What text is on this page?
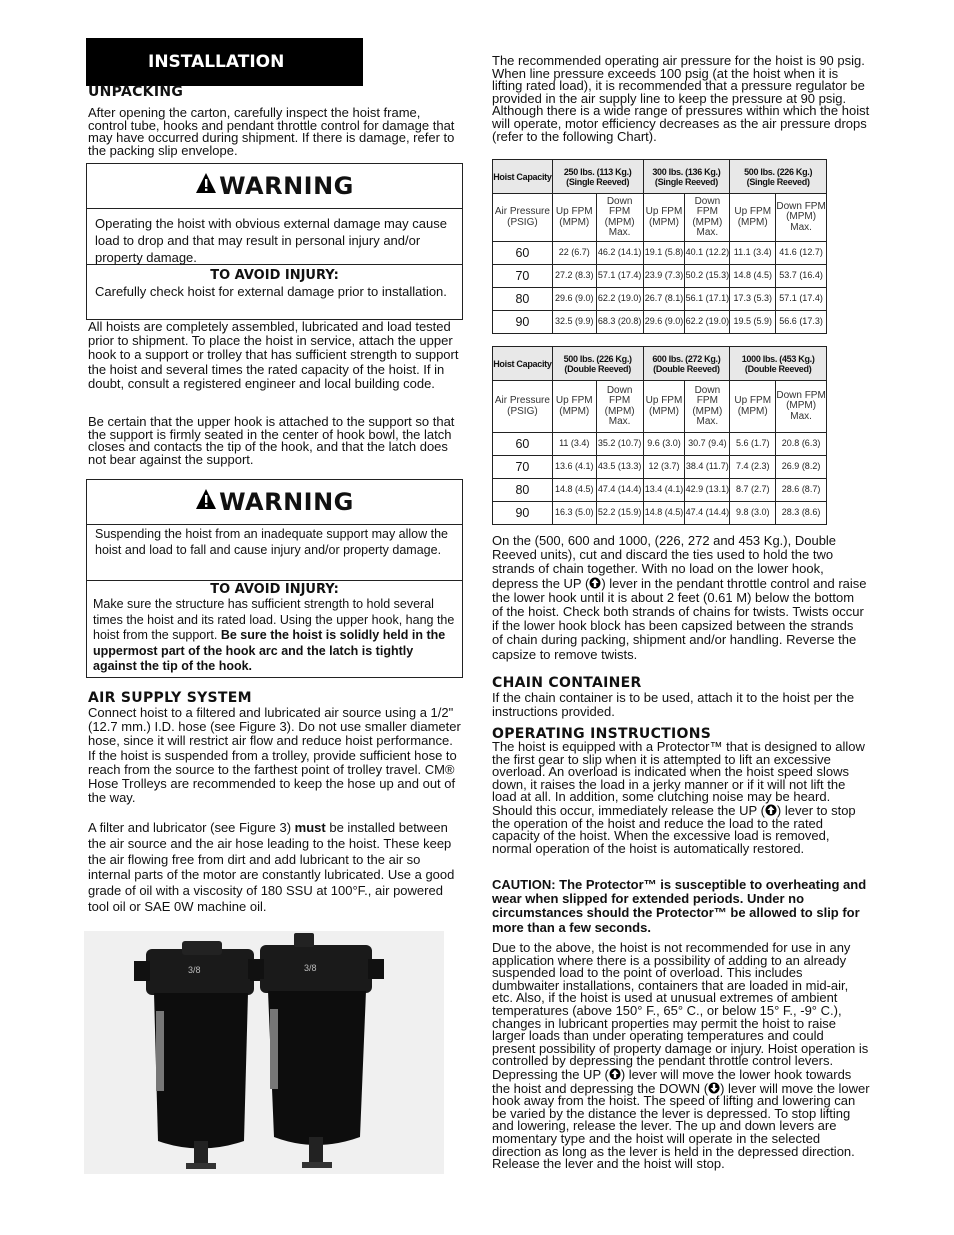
INSTALLATION
UNPACKING

After opening the carton, carefully inspect the hoist frame, control tube, hooks and pendant throttle control for damage that may have occurred during shipment. If there is damage, refer to the packing slip envelope.

WARNING
Operating the hoist with obvious external damage may cause load to drop and that may result in personal injury and/or property damage.
TO AVOID INJURY:
Carefully check hoist for external damage prior to installation.

All hoists are completely assembled, lubricated and load tested prior to shipment. To place the hoist in service, attach the upper hook to a support or trolley that has sufficient strength to support the hoist and several times the rated capacity of the hoist. If in doubt, consult a registered engineer and local building code.

Be certain that the upper hook is attached to the support so that the support is firmly seated in the center of hook bowl, the latch closes and contacts the tip of the hook, and that the latch does not bear against the support.

WARNING
Suspending the hoist from an inadequate support may allow the hoist and load to fall and cause injury and/or property damage.
TO AVOID INJURY:
Make sure the structure has sufficient strength to hold several times the hoist and its rated load. Using the upper hook, hang the hoist from the support. Be sure the hoist is solidly held in the uppermost part of the hook arc and the latch is tightly against the tip of the hook.
AIR SUPPLY SYSTEM

Connect hoist to a filtered and lubricated air source using a 1/2" (12.7 mm.) I.D. hose (see Figure 3). Do not use smaller diameter hose, since it will restrict air flow and reduce hoist performance. If the hoist is suspended from a trolley, provide sufficient hose to reach from the source to the farthest point of trolley travel. CM® Hose Trolleys are recommended to keep the hose up and out of the way.

A filter and lubricator (see Figure 3) must be installed between the air source and the air hose leading to the hoist. These keep the air flowing free from dirt and add lubricant to the air so internal parts of the motor are constantly lubricated. Use a good grade of oil with a viscosity of 180 SSU at 100°F., air powered tool oil or SAE 0W machine oil.

3/8	3/8

The recommended operating air pressure for the hoist is 90 psig. When line pressure exceeds 100 psig (at the hoist when it is lifting rated load), it is recommended that a pressure regulator be provided in the air supply line to keep the pressure at 90 psig. Although there is a wide range of pressures within which the hoist will operate, motor efficiency decreases as the air pressure drops (refer to the following Chart).

Hoist Capacity	250 lbs. (113 Kg.) (Single Reeved)		300 lbs. (136 Kg.) (Single Reeved)		500 lbs. (226 Kg.) (Single Reeved)	
Air Pressure (PSIG)	Up FPM (MPM)	Down FPM (MPM) Max.	Up FPM (MPM)	Down FPM (MPM) Max.	Up FPM (MPM)	Down FPM (MPM) Max.
60	22 (6.7)	46.2 (14.1)	19.1 (5.8)	40.1 (12.2)	11.1 (3.4)	41.6 (12.7)
70	27.2 (8.3)	57.1 (17.4)	23.9 (7.3)	50.2 (15.3)	14.8 (4.5)	53.7 (16.4)
80	29.6 (9.0)	62.2 (19.0)	26.7 (8.1)	56.1 (17.1)	17.3 (5.3)	57.1 (17.4)
90	32.5 (9.9)	68.3 (20.8)	29.6 (9.0)	62.2 (19.0)	19.5 (5.9)	56.6 (17.3)
Hoist Capacity	500 lbs. (226 Kg.) (Double Reeved)		600 lbs. (272 Kg.) (Double Reeved)		1000 lbs. (453 Kg.) (Double Reeved)	
Air Pressure (PSIG)	Up FPM (MPM)	Down FPM (MPM) Max.	Up FPM (MPM)	Down FPM (MPM) Max.	Up FPM (MPM)	Down FPM (MPM) Max.
60	11 (3.4)	35.2 (10.7)	9.6 (3.0)	30.7 (9.4)	5.6 (1.7)	20.8 (6.3)
70	13.6 (4.1)	43.5 (13.3)	12 (3.7)	38.4 (11.7)	7.4 (2.3)	26.9 (8.2)
80	14.8 (4.5)	47.4 (14.4)	13.4 (4.1)	42.9 (13.1)	8.7 (2.7)	28.6 (8.7)
90	16.3 (5.0)	52.2 (15.9)	14.8 (4.5)	47.4 (14.4)	9.8 (3.0)	28.3 (8.6)

On the (500, 600 and 1000, (226, 272 and 453 Kg.), Double Reeved units), cut and discard the ties used to hold the two strands of chain together. With no load on the lower hook, depress the UP ( ) lever in the pendant throttle control and raise the lower hook until it is about 2 feet (0.61 M) below the bottom of the hoist. Check both strands of chains for twists. Twists occur if the lower hook block has been capsized between the strands of chain during packing, shipment and/or handling. Reverse the capsize to remove twists.

CHAIN CONTAINER

If the chain container is to be used, attach it to the hoist per the instructions provided.

OPERATING INSTRUCTIONS

The hoist is equipped with a Protector™ that is designed to allow the first gear to slip when it is attempted to lift an excessive overload. An overload is indicated when the hoist speed slows down, it raises the load in a jerky manner or if it will not lift the load at all. In addition, some clutching noise may be heard. Should this occur, immediately release the UP ( ) lever to stop the operation of the hoist and reduce the load to the rated capacity of the hoist. When the excessive load is removed, normal operation of the hoist is automatically restored.

CAUTION: The Protector™ is susceptible to overheating and wear when slipped for extended periods. Under no circumstances should the Protector™ be allowed to slip for more than a few seconds.

Due to the above, the hoist is not recommended for use in any application where there is a possibility of adding to an already suspended load to the point of overload. This includes dumbwaiter installations, containers that are loaded in mid-air, etc. Also, if the hoist is used at unusual extremes of ambient temperatures (above 150° F., 65° C., or below 15° F., -9° C.), changes in lubricant properties may permit the hoist to raise larger loads than under operating temperatures and could present possibility of property damage or injury. Hoist operation is controlled by depressing the pendant throttle control levers. Depressing the UP ( ) lever will move the lower hook towards the hoist and depressing the DOWN ( ) lever will move the lower hook away from the hoist. The speed of lifting and lowering can be varied by the distance the lever is depressed. To stop lifting and lowering, release the lever. The up and down levers are momentary type and the hoist will operate in the selected direction as long as the lever is held in the depressed direction. Release the lever and the hoist will stop.
